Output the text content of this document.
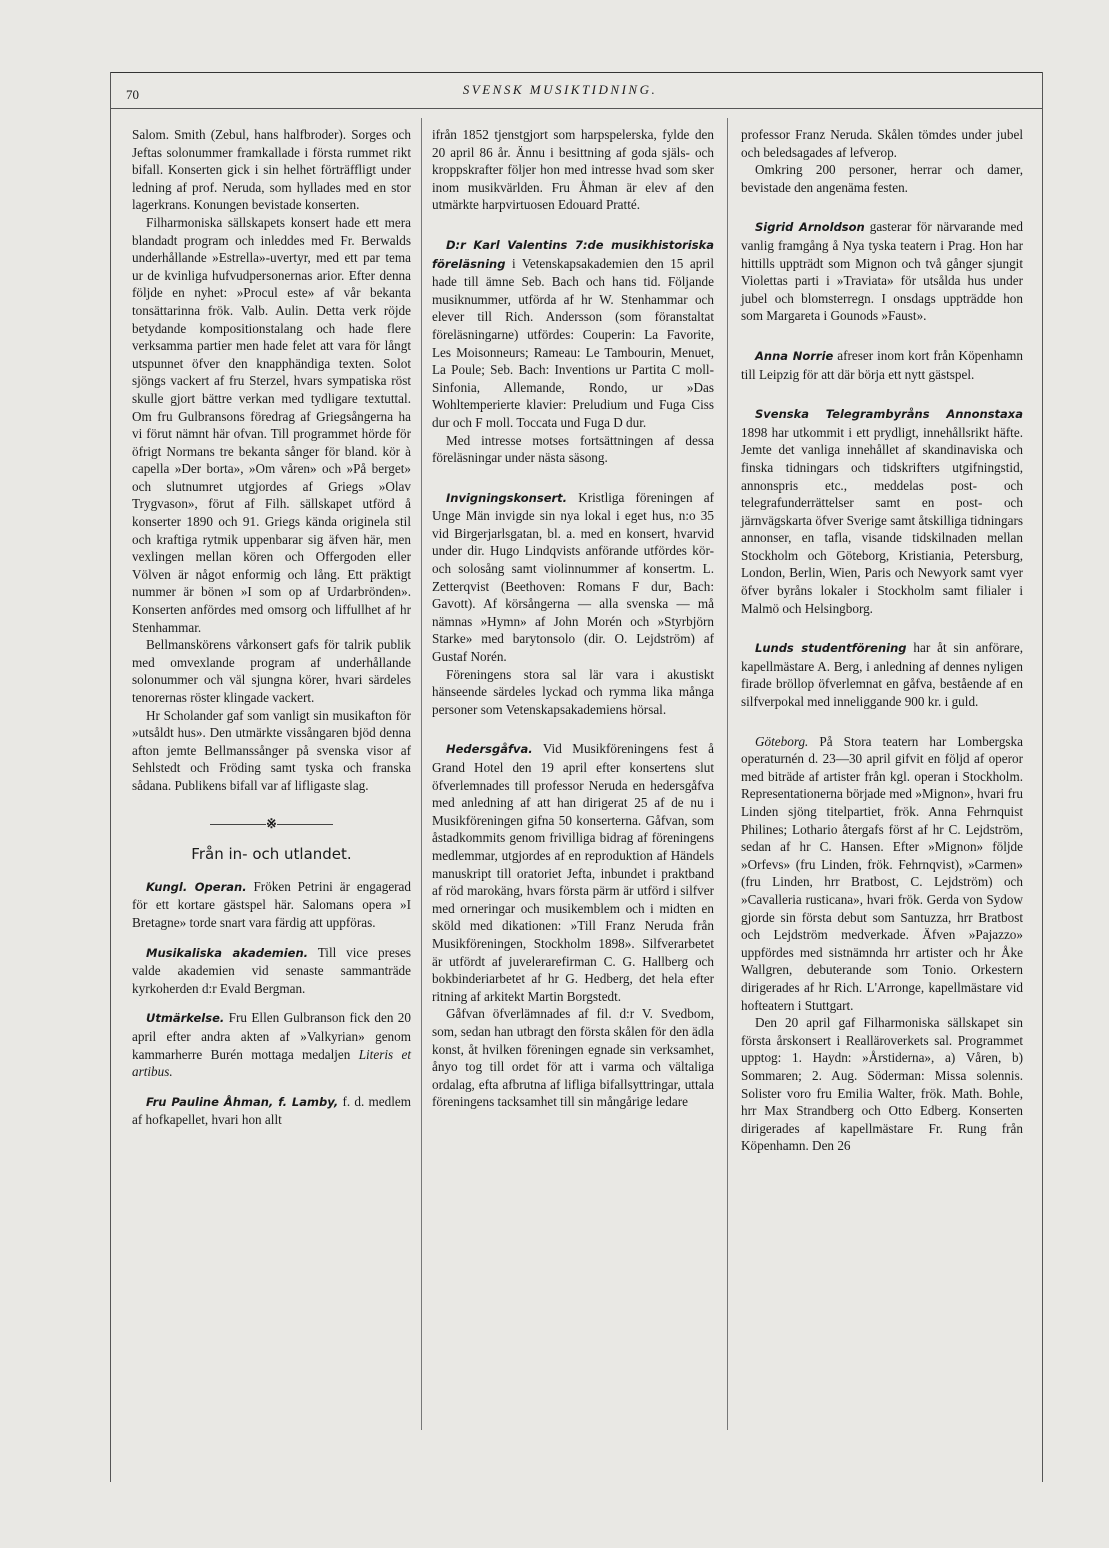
70	SVENSK MUSIKTIDNING.

Salom. Smith (Zebul, hans halfbroder). Sorges och Jeftas solonummer framkallade i första rummet rikt bifall. Konserten gick i sin helhet förträffligt under ledning af prof. Neruda, som hyllades med en stor lagerkrans. Konungen bevistade konserten.

Filharmoniska sällskapets konsert hade ett mera blandadt program och inleddes med Fr. Berwalds underhållande »Estrella»-uvertyr, med ett par tema ur de kvinliga hufvudpersonernas arior. Efter denna följde en nyhet: »Procul este» af vår bekanta tonsättarinna frök. Valb. Aulin. Detta verk röjde betydande kompositionstalang och hade flere verksamma partier men hade felet att vara för långt utspunnet öfver den knapphändiga texten. Solot sjöngs vackert af fru Sterzel, hvars sympatiska röst skulle gjort bättre verkan med tydligare textuttal. Om fru Gulbransons föredrag af Griegsångerna ha vi förut nämnt här ofvan. Till programmet hörde för öfrigt Normans tre bekanta sånger för bland. kör à capella »Der borta», »Om våren» och »På berget» och slutnumret utgjordes af Griegs »Olav Trygvason», förut af Filh. sällskapet utförd å konserter 1890 och 91. Griegs kända originela stil och kraftiga rytmik uppenbarar sig äfven här, men vexlingen mellan kören och Offergoden eller Völven är något enformig och lång. Ett präktigt nummer är bönen »I som op af Urdarbrönden». Konserten anfördes med omsorg och liffullhet af hr Stenhammar.

Bellmanskörens vårkonsert gafs för talrik publik med omvexlande program af underhållande solonummer och väl sjungna körer, hvari särdeles tenorernas röster klingade vackert.

Hr Scholander gaf som vanligt sin musikafton för »utsåldt hus». Den utmärkte vissångaren bjöd denna afton jemte Bellmanssånger på svenska visor af Sehlstedt och Fröding samt tyska och franska sådana. Publikens bifall var af lifligaste slag.

※
Från in- och utlandet.

Kungl. Operan. Fröken Petrini är engagerad för ett kortare gästspel här. Salomans opera »I Bretagne» torde snart vara färdig att uppföras.

Musikaliska akademien. Till vice preses valde akademien vid senaste sammanträde kyrkoherden d:r Evald Bergman.

Utmärkelse. Fru Ellen Gulbranson fick den 20 april efter andra akten af »Valkyrian» genom kammarherre Burén mottaga medaljen Literis et artibus.

Fru Pauline Åhman, f. Lamby, f. d. medlem af hofkapellet, hvari hon allt

ifrån 1852 tjenstgjort som harpspelerska, fylde den 20 april 86 år. Ännu i besittning af goda själs- och kroppskrafter följer hon med intresse hvad som sker inom musikvärlden. Fru Åhman är elev af den utmärkte harpvirtuosen Edouard Pratté.

D:r Karl Valentins 7:de musikhistoriska föreläsning i Vetenskapsakademien den 15 april hade till ämne Seb. Bach och hans tid. Följande musiknummer, utförda af hr W. Stenhammar och elever till Rich. Andersson (som föranstaltat föreläsningarne) utfördes: Couperin: La Favorite, Les Moisonneurs; Rameau: Le Tambourin, Menuet, La Poule; Seb. Bach: Inventions ur Partita C moll-Sinfonia, Allemande, Rondo, ur »Das Wohltemperierte klavier: Preludium und Fuga Ciss dur och F moll. Toccata und Fuga D dur.

Med intresse motses fortsättningen af dessa föreläsningar under nästa säsong.

Invigningskonsert. Kristliga föreningen af Unge Män invigde sin nya lokal i eget hus, n:o 35 vid Birgerjarlsgatan, bl. a. med en konsert, hvarvid under dir. Hugo Lindqvists anförande utfördes kör- och solosång samt violinnummer af konsertm. L. Zetterqvist (Beethoven: Romans F dur, Bach: Gavott). Af körsångerna — alla svenska — må nämnas »Hymn» af John Morén och »Styrbjörn Starke» med barytonsolo (dir. O. Lejdström) af Gustaf Norén.

Föreningens stora sal lär vara i akustiskt hänseende särdeles lyckad och rymma lika många personer som Vetenskapsakademiens hörsal.

Hedersgåfva. Vid Musikföreningens fest å Grand Hotel den 19 april efter konsertens slut öfverlemnades till professor Neruda en hedersgåfva med anledning af att han dirigerat 25 af de nu i Musikföreningen gifna 50 konserterna. Gåfvan, som åstadkommits genom frivilliga bidrag af föreningens medlemmar, utgjordes af en reproduktion af Händels manuskript till oratoriet Jefta, inbundet i praktband af röd marokäng, hvars första pärm är utförd i silfver med orneringar och musikemblem och i midten en sköld med dikationen: »Till Franz Neruda från Musikföreningen, Stockholm 1898». Silfverarbetet är utfördt af juvelerarefirman C. G. Hallberg och bokbinderiarbetet af hr G. Hedberg, det hela efter ritning af arkitekt Martin Borgstedt.

Gåfvan öfverlämnades af fil. d:r V. Svedbom, som, sedan han utbragt den första skålen för den ädla konst, åt hvilken föreningen egnade sin verksamhet, ånyo tog till ordet för att i varma och vältaliga ordalag, efta afbrutna af lifliga bifallsyttringar, uttala föreningens tacksamhet till sin mångårige ledare

professor Franz Neruda. Skålen tömdes under jubel och beledsagades af lefverop.

Omkring 200 personer, herrar och damer, bevistade den angenäma festen.

Sigrid Arnoldson gasterar för närvarande med vanlig framgång å Nya tyska teatern i Prag. Hon har hittills uppträdt som Mignon och två gånger sjungit Violettas parti i »Traviata» för utsålda hus under jubel och blomsterregn. I onsdags uppträdde hon som Margareta i Gounods »Faust».

Anna Norrie afreser inom kort från Köpenhamn till Leipzig för att där börja ett nytt gästspel.

Svenska Telegrambyråns Annonstaxa 1898 har utkommit i ett prydligt, innehållsrikt häfte. Jemte det vanliga innehållet af skandinaviska och finska tidningars och tidskrifters utgifningstid, annonspris etc., meddelas post- och telegrafunderrättelser samt en post- och järnvägskarta öfver Sverige samt åtskilliga tidningars annonser, en tafla, visande tidskilnaden mellan Stockholm och Göteborg, Kristiania, Petersburg, London, Berlin, Wien, Paris och Newyork samt vyer öfver byråns lokaler i Stockholm samt filialer i Malmö och Helsingborg.

Lunds studentförening har åt sin anförare, kapellmästare A. Berg, i anledning af dennes nyligen firade bröllop öfverlemnat en gåfva, bestående af en silfverpokal med inneliggande 900 kr. i guld.

Göteborg. På Stora teatern har Lombergska operaturnén d. 23—30 april gifvit en följd af operor med biträde af artister från kgl. operan i Stockholm. Representationerna började med »Mignon», hvari fru Linden sjöng titelpartiet, frök. Anna Fehrnquist Philines; Lothario återgafs först af hr C. Lejdström, sedan af hr C. Hansen. Efter »Mignon» följde »Orfevs» (fru Linden, frök. Fehrnqvist), »Carmen» (fru Linden, hrr Bratbost, C. Lejdström) och »Cavalleria rusticana», hvari frök. Gerda von Sydow gjorde sin första debut som Santuzza, hrr Bratbost och Lejdström medverkade. Äfven »Pajazzo» uppfördes med sistnämnda hrr artister och hr Åke Wallgren, debuterande som Tonio. Orkestern dirigerades af hr Rich. L'Arronge, kapellmästare vid hofteatern i Stuttgart.

Den 20 april gaf Filharmoniska sällskapet sin första årskonsert i Realläroverkets sal. Programmet upptog: 1. Haydn: »Årstiderna», a) Våren, b) Sommaren; 2. Aug. Söderman: Missa solennis. Solister voro fru Emilia Walter, frök. Math. Bohle, hrr Max Strandberg och Otto Edberg. Konserten dirigerades af kapellmästare Fr. Rung från Köpenhamn. Den 26
